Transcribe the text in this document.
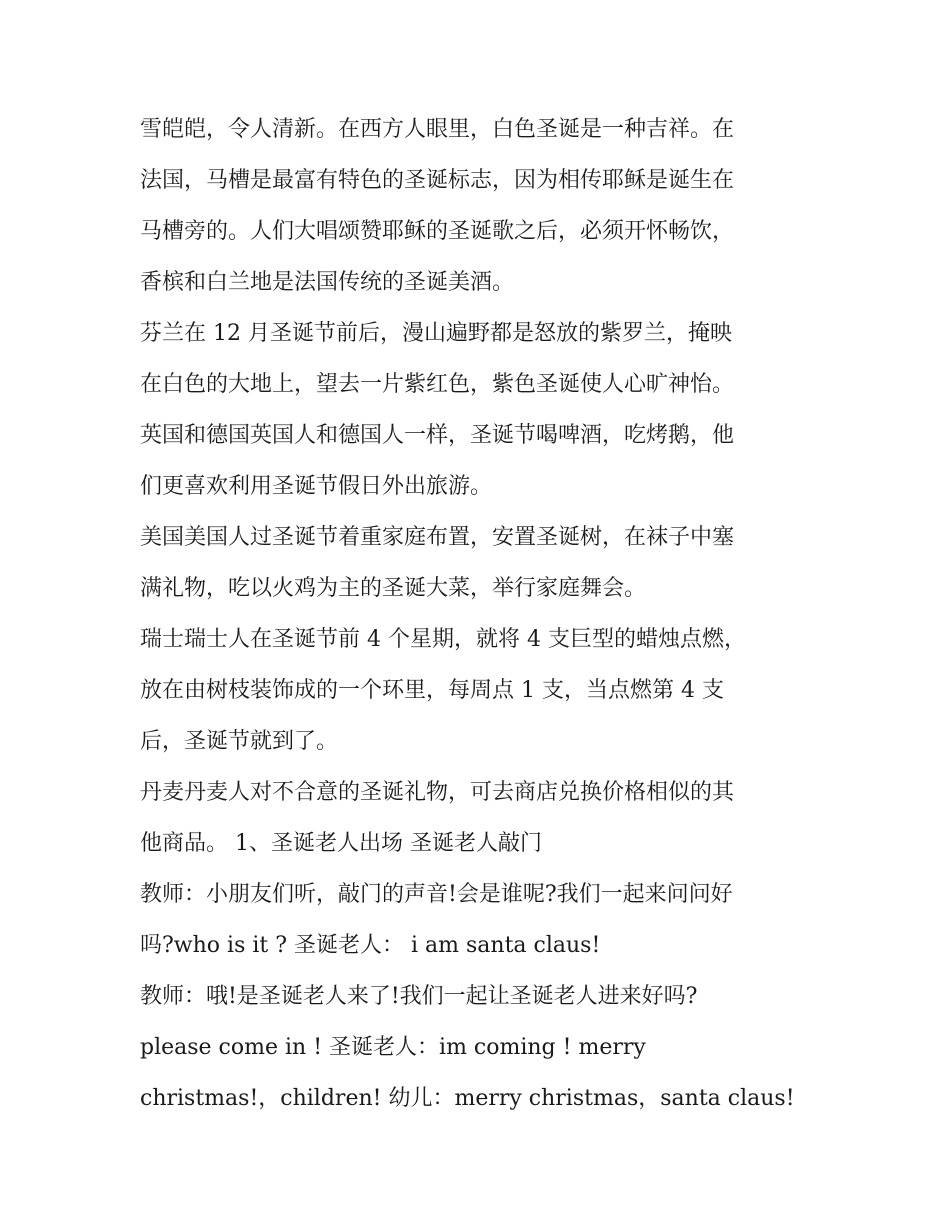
雪皑皑，令人清新。在西方人眼里，白色圣诞是一种吉祥。在
法国，马槽是最富有特色的圣诞标志，因为相传耶稣是诞生在
马槽旁的。人们大唱颂赞耶稣的圣诞歌之后，必须开怀畅饮，
香槟和白兰地是法国传统的圣诞美酒。
芬兰在 12 月圣诞节前后，漫山遍野都是怒放的紫罗兰，掩映
在白色的大地上，望去一片紫红色，紫色圣诞使人心旷神怡。
英国和德国英国人和德国人一样，圣诞节喝啤酒，吃烤鹅，他
们更喜欢利用圣诞节假日外出旅游。
美国美国人过圣诞节着重家庭布置，安置圣诞树，在袜子中塞
满礼物，吃以火鸡为主的圣诞大菜，举行家庭舞会。
瑞士瑞士人在圣诞节前 4 个星期，就将 4 支巨型的蜡烛点燃，
放在由树枝装饰成的一个环里，每周点 1 支，当点燃第 4 支
后，圣诞节就到了。
丹麦丹麦人对不合意的圣诞礼物，可去商店兑换价格相似的其
他商品。 1、圣诞老人出场 圣诞老人敲门
教师：小朋友们听，敲门的声音!会是谁呢?我们一起来问问好
吗?who is it ? 圣诞老人： i am santa claus!
教师：哦!是圣诞老人来了!我们一起让圣诞老人进来好吗?
please come in ! 圣诞老人：im coming ! merry
christmas!，children! 幼儿：merry christmas，santa claus!
